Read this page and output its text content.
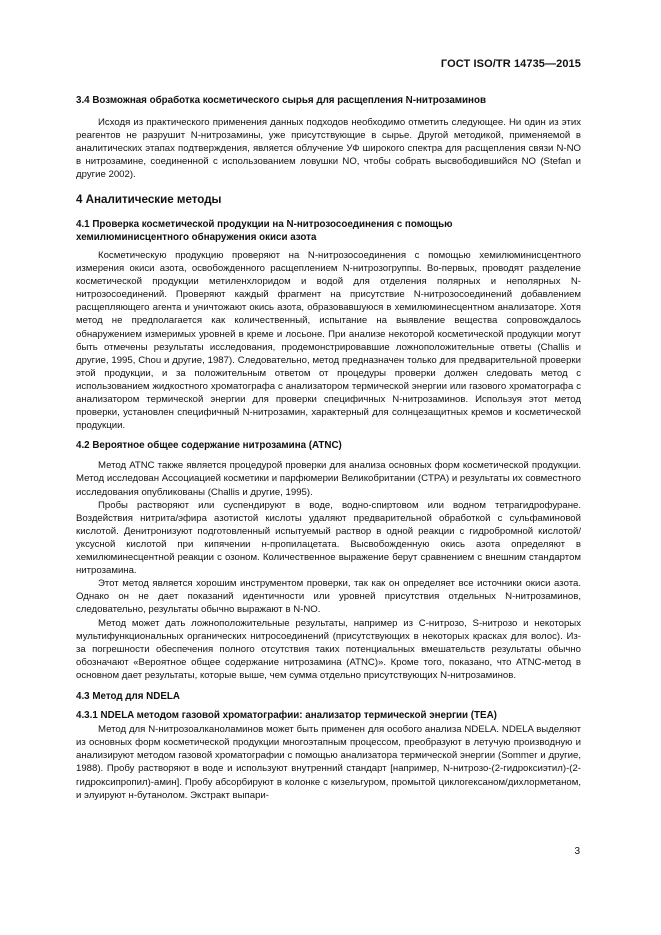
ГОСТ ISO/TR 14735—2015
3.4 Возможная обработка косметического сырья для расщепления N-нитрозаминов

Исходя из практического применения данных подходов необходимо отметить следующее. Ни один из этих реагентов не разрушит N-нитрозамины, уже присутствующие в сырье. Другой методикой, применяемой в аналитических этапах подтверждения, является облучение УФ широкого спектра для расщепления связи N-NO в нитрозамине, соединенной с использованием ловушки NO, чтобы собрать высвободившийся NO (Stefan и другие 2002).

4 Аналитические методы
4.1 Проверка косметической продукции на N-нитрозосоединения с помощью
хемилюминисцентного обнаружения окиси азота

Косметическую продукцию проверяют на N-нитрозосоединения с помощью хемилюминисцентного измерения окиси азота, освобожденного расщеплением N-нитрозогруппы. Во-первых, проводят разделение косметической продукции метиленхлоридом и водой для отделения полярных и неполярных N-нитрозосоединений. Проверяют каждый фрагмент на присутствие N-нитрозосоединений добавлением расщепляющего агента и уничтожают окись азота, образовавшуюся в хемилюминесцентном анализаторе. Хотя метод не предполагается как количественный, испытание на выявление вещества сопровождалось обнаружением измеримых уровней в креме и лосьоне. При анализе некоторой косметической продукции могут быть отмечены результаты исследования, продемонстрировавшие ложноположительные ответы (Challis и другие, 1995, Chou и другие, 1987). Следовательно, метод предназначен только для предварительной проверки этой продукции, и за положительным ответом от процедуры проверки должен следовать метод с использованием жидкостного хроматографа с анализатором термической энергии или газового хроматографа с анализатором термической энергии для проверки специфичных N-нитрозаминов. Используя этот метод проверки, установлен специфичный N-нитрозамин, характерный для солнцезащитных кремов и косметической продукции.

4.2 Вероятное общее содержание нитрозамина (ATNC)

Метод ATNC также является процедурой проверки для анализа основных форм косметической продукции. Метод исследован Ассоциацией косметики и парфюмерии Великобритании (CTPA) и результаты их совместного исследования опубликованы (Challis и другие, 1995).

Пробы растворяют или суспендируют в воде, водно-спиртовом или водном тетрагидрофуране. Воздействия нитрита/эфира азотистой кислоты удаляют предварительной обработкой с сульфаминовой кислотой. Денитронизуют подготовленный испытуемый раствор в одной реакции с гидробромной кислотой/уксусной кислотой при кипячении н-пропилацетата. Высвобожденную окись азота определяют в хемилюминесцентной реакции с озоном. Количественное выражение берут сравнением с внешним стандартом нитрозамина.

Этот метод является хорошим инструментом проверки, так как он определяет все источники окиси азота. Однако он не дает показаний идентичности или уровней присутствия отдельных N-нитрозаминов, следовательно, результаты обычно выражают в N-NO.

Метод может дать ложноположительные результаты, например из C-нитрозо, S-нитрозо и некоторых мультифункциональных органических нитросоединений (присутствующих в некоторых красках для волос). Из-за погрешности обеспечения полного отсутствия таких потенциальных вмешательств результаты обычно обозначают «Вероятное общее содержание нитрозамина (ATNC)». Кроме того, показано, что ATNC-метод в основном дает результаты, которые выше, чем сумма отдельно присутствующих N-нитрозаминов.

4.3 Метод для NDELA
4.3.1 NDELA методом газовой хроматографии: анализатор термической энергии (TEA)

Метод для N-нитрозоалканоламинов может быть применен для особого анализа NDELA. NDELA выделяют из основных форм косметической продукции многоэтапным процессом, преобразуют в летучую производную и анализируют методом газовой хроматографии с помощью анализатора термической энергии (Sommer и другие, 1988). Пробу растворяют в воде и используют внутренний стандарт [например, N-нитрозо-(2-гидроксиэтил)-(2-гидроксипропил)-амин]. Пробу абсорбируют в колонке с кизельгуром, промытой циклогексаном/дихлорметаном, и элуируют н-бутанолом. Экстракт выпари-

3
